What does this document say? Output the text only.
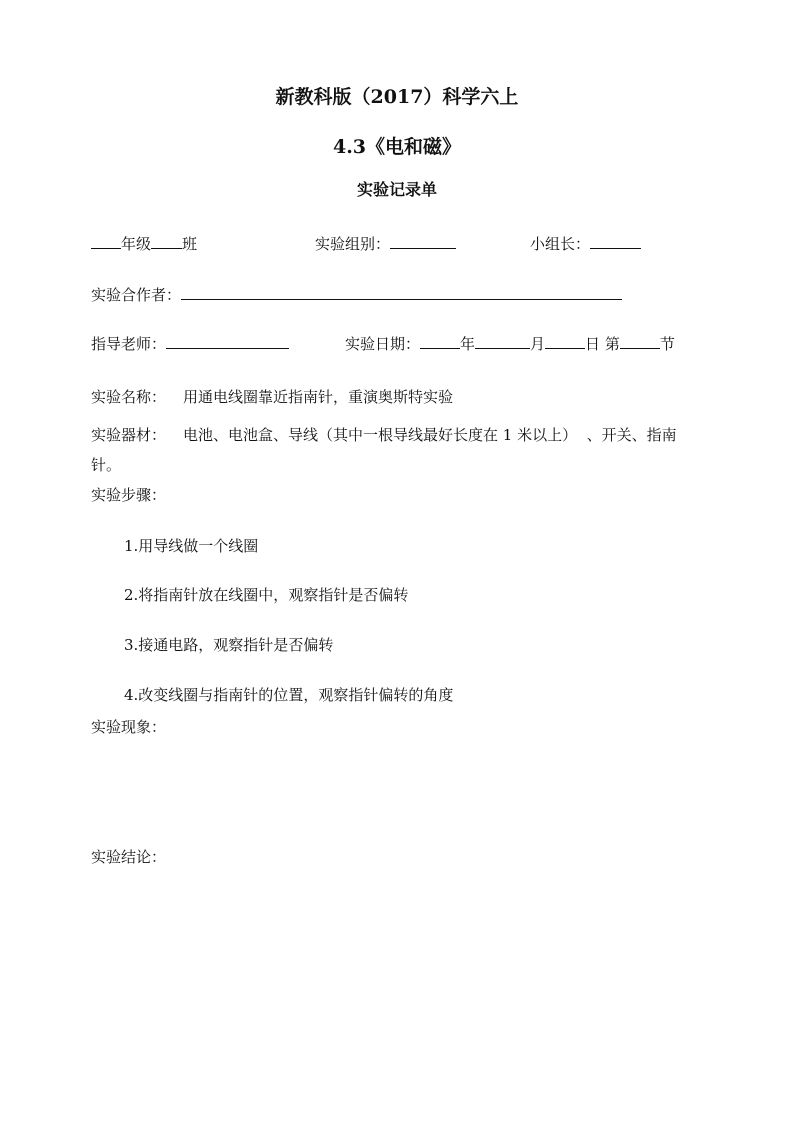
新教科版（2017）科学六上
4.3《电和磁》
实验记录单
年级 班	实验组别：	小组长：
实验合作者：
指导老师：	实验日期：	年	月	日 第	节
实验名称： 用通电线圈靠近指南针，重演奥斯特实验
实验器材： 电池、电池盒、导线（其中一根导线最好长度在 1 米以上）  、开关、指南
针。
实验步骤：
1.用导线做一个线圈
2.将指南针放在线圈中，观察指针是否偏转
3.接通电路，观察指针是否偏转
4.改变线圈与指南针的位置，观察指针偏转的角度
实验现象：
实验结论：
